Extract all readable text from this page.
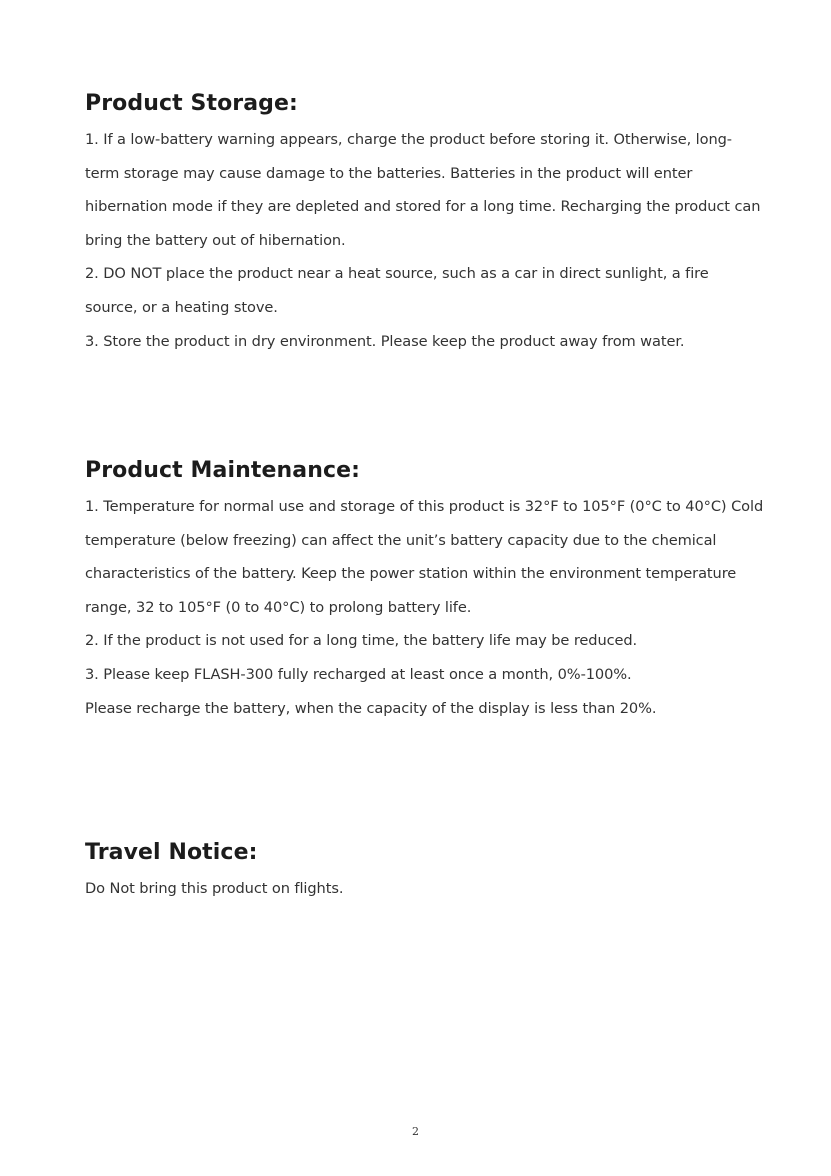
Product Storage:

1. If a low-battery warning appears, charge the product before storing it. Otherwise, long-term storage may cause damage to the batteries. Batteries in the product will enter hibernation mode if they are depleted and stored for a long time. Recharging the product can bring the battery out of hibernation.

2. DO NOT place the product near a heat source, such as a car in direct sunlight, a fire source, or a heating stove.

3. Store the product in dry environment. Please keep the product away from water.

Product Maintenance:

1. Temperature for normal use and storage of this product is 32°F to 105°F (0°C to 40°C) Cold temperature (below freezing) can affect the unit’s battery capacity due to the chemical characteristics of the battery. Keep the power station within the environment temperature range, 32 to 105°F (0 to 40°C) to prolong battery life.

2. If the product is not used for a long time, the battery life may be reduced.

3. Please keep FLASH-300 fully recharged at least once a month, 0%-100%.

Please recharge the battery, when the capacity of the display is less than 20%.

Travel Notice:

Do Not bring this product on flights.

2
